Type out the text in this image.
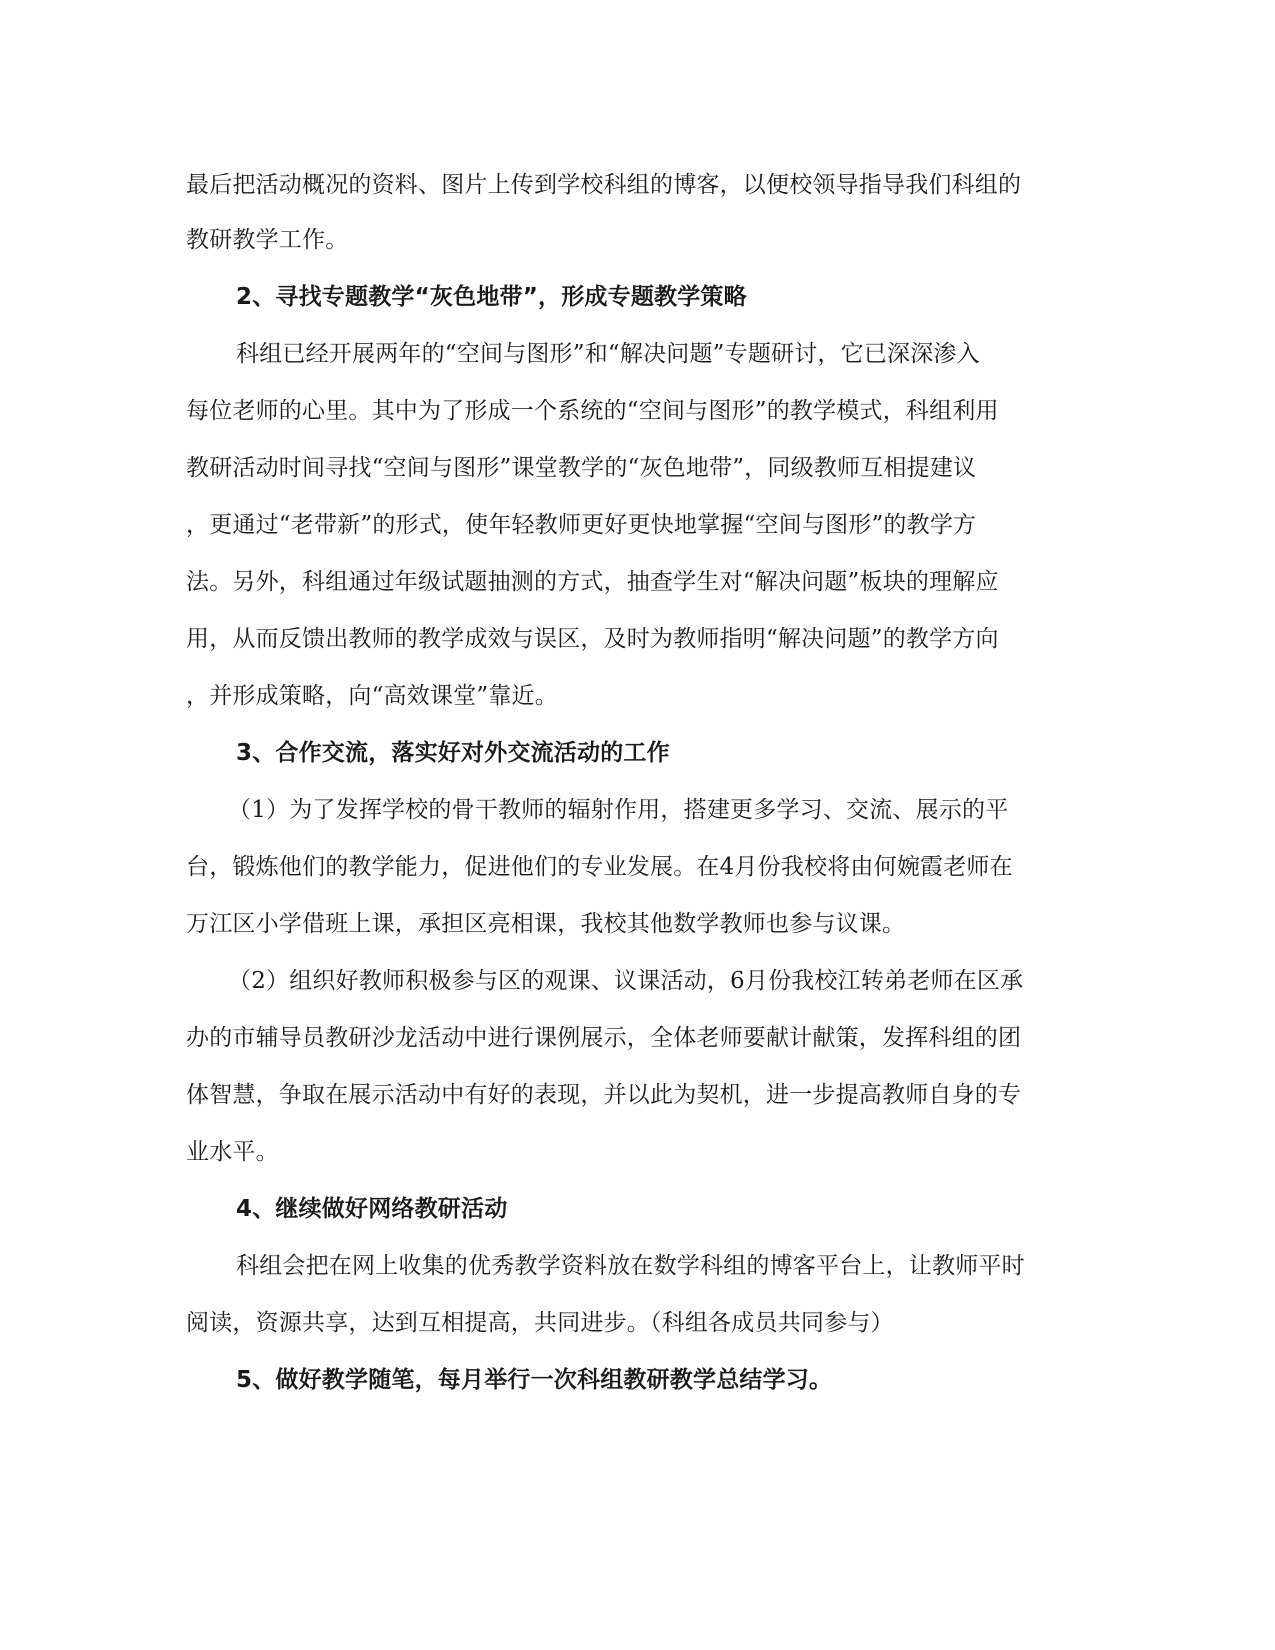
最后把活动概况的资料、图片上传到学校科组的博客，以便校领导指导我们科组的
教研教学工作。
2、寻找专题教学“灰色地带”，形成专题教学策略
科组已经开展两年的“空间与图形”和“解决问题”专题研讨，它已深深渗入
每位老师的心里。其中为了形成一个系统的“空间与图形”的教学模式，科组利用
教研活动时间寻找“空间与图形”课堂教学的“灰色地带”，同级教师互相提建议
，更通过“老带新”的形式，使年轻教师更好更快地掌握“空间与图形”的教学方
法。另外，科组通过年级试题抽测的方式，抽查学生对“解决问题”板块的理解应
用，从而反馈出教师的教学成效与误区，及时为教师指明“解决问题”的教学方向
，并形成策略，向“高效课堂”靠近。
3、合作交流，落实好对外交流活动的工作
（1）为了发挥学校的骨干教师的辐射作用，搭建更多学习、交流、展示的平
台，锻炼他们的教学能力，促进他们的专业发展。在4月份我校将由何婉霞老师在
万江区小学借班上课，承担区亮相课，我校其他数学教师也参与议课。
（2）组织好教师积极参与区的观课、议课活动，6月份我校江转弟老师在区承
办的市辅导员教研沙龙活动中进行课例展示，全体老师要献计献策，发挥科组的团
体智慧，争取在展示活动中有好的表现，并以此为契机，进一步提高教师自身的专
业水平。
4、继续做好网络教研活动
科组会把在网上收集的优秀教学资料放在数学科组的博客平台上，让教师平时
阅读，资源共享，达到互相提高，共同进步。（科组各成员共同参与）
5、做好教学随笔，每月举行一次科组教研教学总结学习。
